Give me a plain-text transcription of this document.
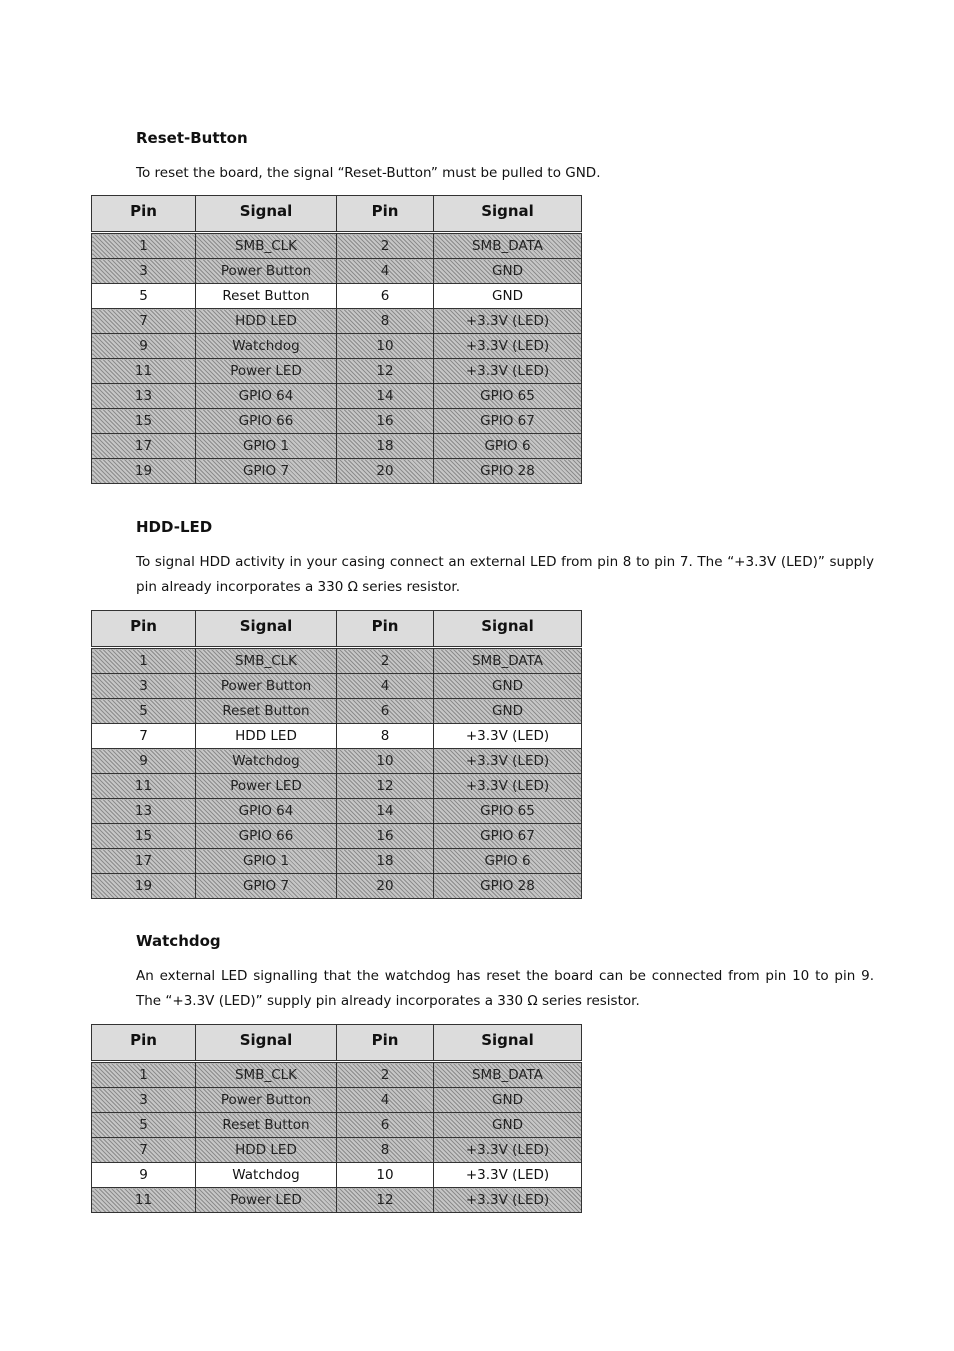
Reset-Button

To reset the board, the signal “Reset-Button” must be pulled to GND.

Pin	Signal	Pin	Signal
1	SMB_CLK	2	SMB_DATA
3	Power Button	4	GND
5	Reset Button	6	GND
7	HDD LED	8	+3.3V (LED)
9	Watchdog	10	+3.3V (LED)
11	Power LED	12	+3.3V (LED)
13	GPIO 64	14	GPIO 65
15	GPIO 66	16	GPIO 67
17	GPIO 1	18	GPIO 6
19	GPIO 7	20	GPIO 28
HDD-LED

To signal HDD activity in your casing connect an external LED from pin 8 to pin 7. The “+3.3V (LED)” supply pin already incorporates a 330 Ω series resistor.

Pin	Signal	Pin	Signal
1	SMB_CLK	2	SMB_DATA
3	Power Button	4	GND
5	Reset Button	6	GND
7	HDD LED	8	+3.3V (LED)
9	Watchdog	10	+3.3V (LED)
11	Power LED	12	+3.3V (LED)
13	GPIO 64	14	GPIO 65
15	GPIO 66	16	GPIO 67
17	GPIO 1	18	GPIO 6
19	GPIO 7	20	GPIO 28
Watchdog

An external LED signalling that the watchdog has reset the board can be connected from pin 10 to pin 9. The “+3.3V (LED)” supply pin already incorporates a 330 Ω series resistor.

Pin	Signal	Pin	Signal
1	SMB_CLK	2	SMB_DATA
3	Power Button	4	GND
5	Reset Button	6	GND
7	HDD LED	8	+3.3V (LED)
9	Watchdog	10	+3.3V (LED)
11	Power LED	12	+3.3V (LED)
